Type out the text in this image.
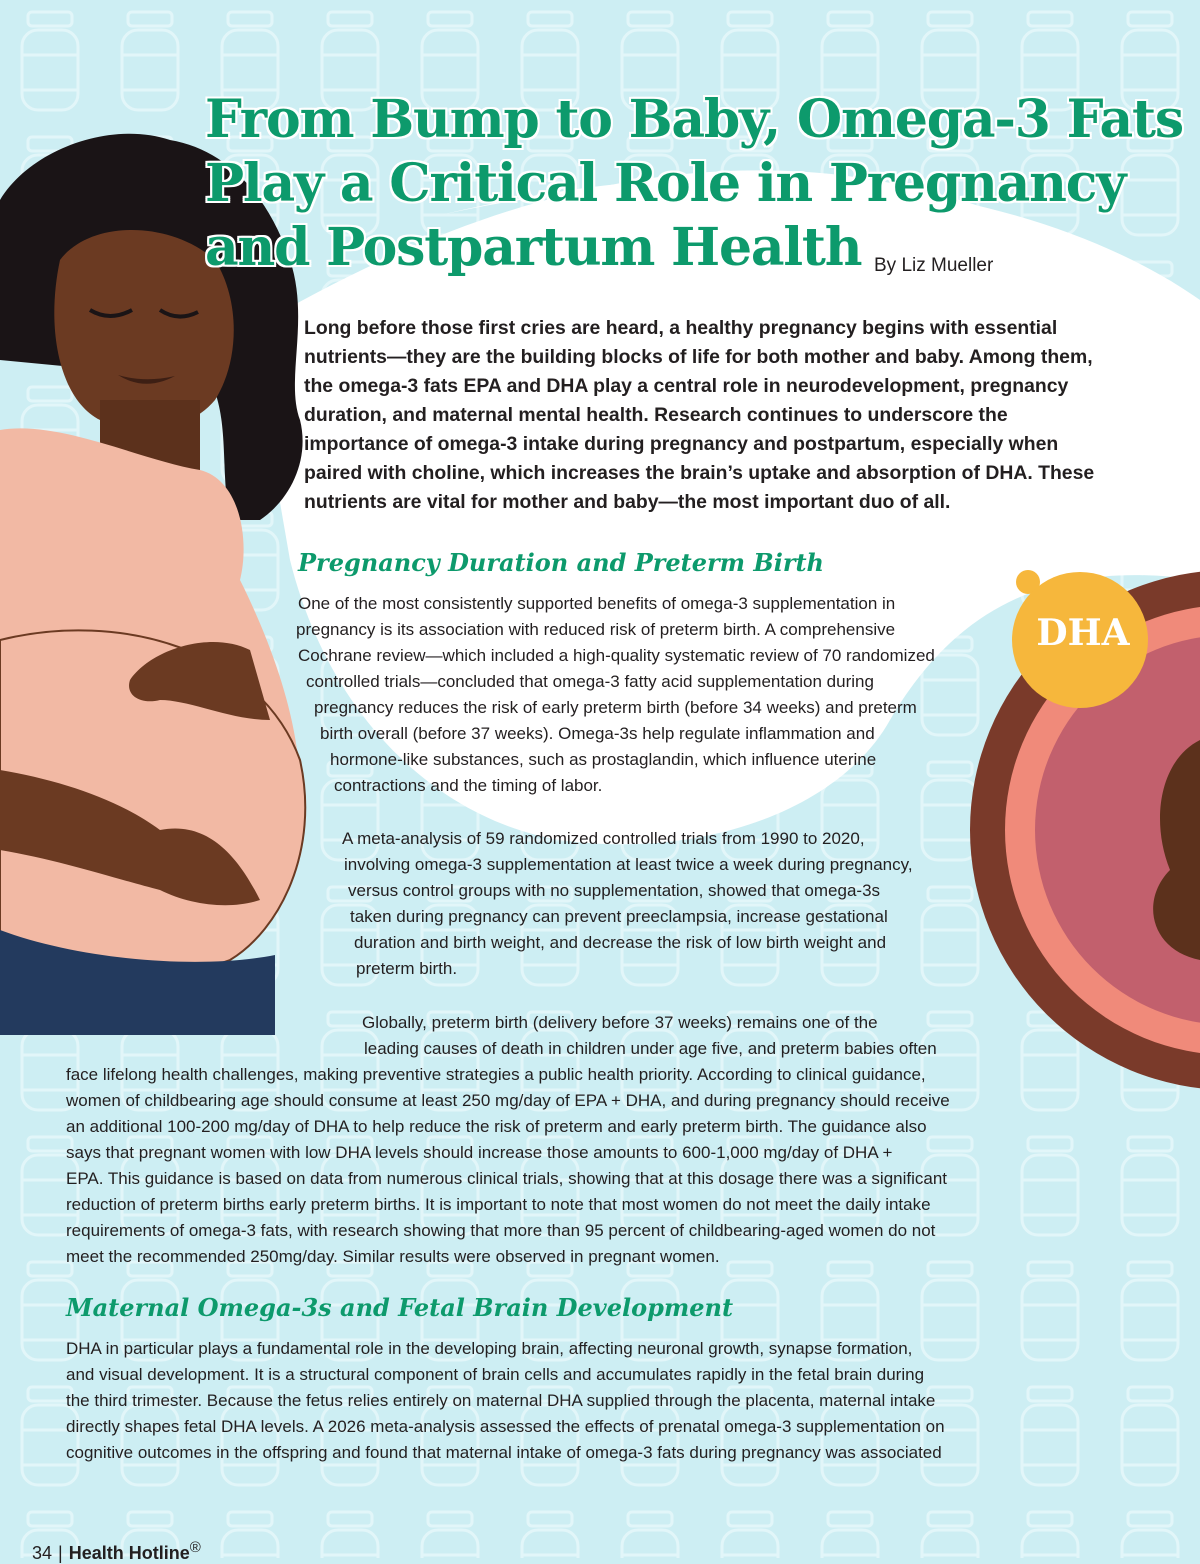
DHA
From Bump to Baby, Omega-3 Fats
Play a Critical Role in Pregnancy
and Postpartum Health By Liz Mueller

Long before those first cries are heard, a healthy pregnancy begins with essential nutrients—they are the building blocks of life for both mother and baby. Among them, the omega-3 fats EPA and DHA play a central role in neurodevelopment, pregnancy duration, and maternal mental health. Research continues to underscore the importance of omega-3 intake during pregnancy and postpartum, especially when paired with choline, which increases the brain’s uptake and absorption of DHA. These nutrients are vital for mother and baby—the most important duo of all.

Pregnancy Duration and Preterm Birth
One of the most consistently supported benefits of omega-3 supplementation in
pregnancy is its association with reduced risk of preterm birth. A comprehensive
Cochrane review—which included a high-quality systematic review of 70 randomized
controlled trials—concluded that omega-3 fatty acid supplementation during
pregnancy reduces the risk of early preterm birth (before 34 weeks) and preterm
birth overall (before 37 weeks). Omega-3s help regulate inflammation and
hormone-like substances, such as prostaglandin, which influence uterine
contractions and the timing of labor.
A meta-analysis of 59 randomized controlled trials from 1990 to 2020,
involving omega-3 supplementation at least twice a week during pregnancy,
versus control groups with no supplementation, showed that omega-3s
taken during pregnancy can prevent preeclampsia, increase gestational
duration and birth weight, and decrease the risk of low birth weight and
preterm birth.
Globally, preterm birth (delivery before 37 weeks) remains one of the
leading causes of death in children under age five, and preterm babies often
face lifelong health challenges, making preventive strategies a public health priority. According to clinical guidance,
women of childbearing age should consume at least 250 mg/day of EPA + DHA, and during pregnancy should receive
an additional 100-200 mg/day of DHA to help reduce the risk of preterm and early preterm birth. The guidance also
says that pregnant women with low DHA levels should increase those amounts to 600-1,000 mg/day of DHA +
EPA. This guidance is based on data from numerous clinical trials, showing that at this dosage there was a significant
reduction of preterm births early preterm births. It is important to note that most women do not meet the daily intake
requirements of omega-3 fats, with research showing that more than 95 percent of childbearing-aged women do not
meet the recommended 250mg/day. Similar results were observed in pregnant women.
Maternal Omega-3s and Fetal Brain Development
DHA in particular plays a fundamental role in the developing brain, affecting neuronal growth, synapse formation,
and visual development. It is a structural component of brain cells and accumulates rapidly in the fetal brain during
the third trimester. Because the fetus relies entirely on maternal DHA supplied through the placenta, maternal intake
directly shapes fetal DHA levels. A 2026 meta-analysis assessed the effects of prenatal omega-3 supplementation on
cognitive outcomes in the offspring and found that maternal intake of omega-3 fats during pregnancy was associated
34 | Health Hotline®
